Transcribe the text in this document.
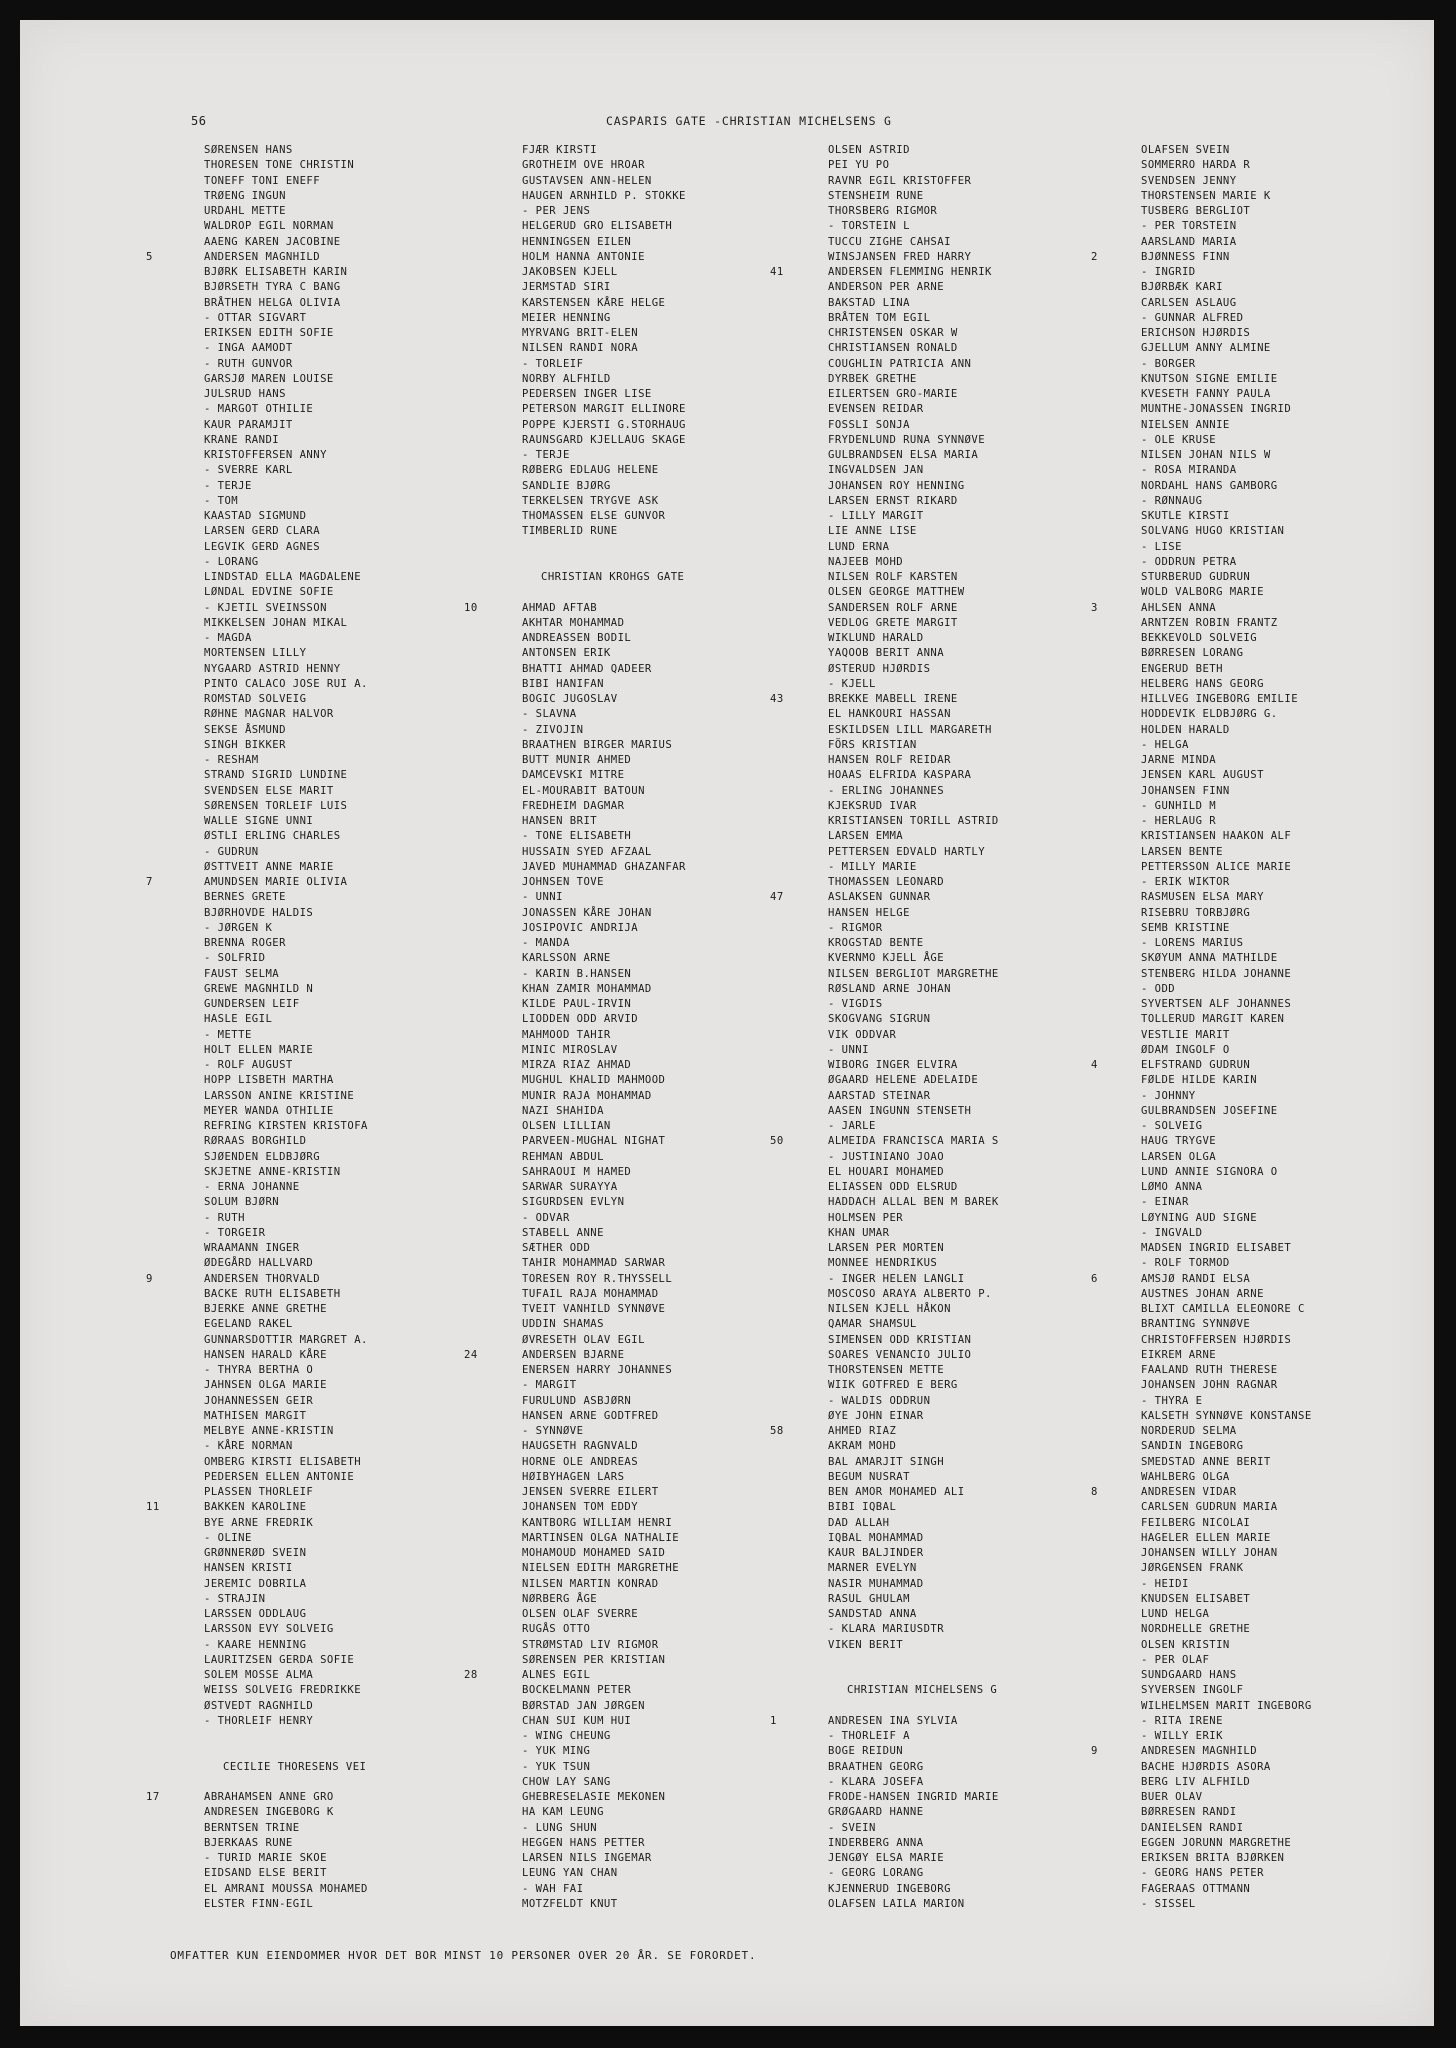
56	CASPARIS GATE -CHRISTIAN MICHELSENS G
SØRENSEN HANS
THORESEN TONE CHRISTIN
TONEFF TONI ENEFF
TRØENG INGUN
URDAHL METTE
WALDROP EGIL NORMAN
AAENG KAREN JACOBINE
5	ANDERSEN MAGNHILD
BJØRK ELISABETH KARIN
BJØRSETH TYRA C BANG
BRÅTHEN HELGA OLIVIA
- OTTAR SIGVART
ERIKSEN EDITH SOFIE
- INGA AAMODT
- RUTH GUNVOR
GARSJØ MAREN LOUISE
JULSRUD HANS
- MARGOT OTHILIE
KAUR PARAMJIT
KRANE RANDI
KRISTOFFERSEN ANNY
- SVERRE KARL
- TERJE
- TOM
KAASTAD SIGMUND
LARSEN GERD CLARA
LEGVIK GERD AGNES
- LORANG
LINDSTAD ELLA MAGDALENE
LØNDAL EDVINE SOFIE
- KJETIL SVEINSSON
MIKKELSEN JOHAN MIKAL
- MAGDA
MORTENSEN LILLY
NYGAARD ASTRID HENNY
PINTO CALACO JOSE RUI A.
ROMSTAD SOLVEIG
RØHNE MAGNAR HALVOR
SEKSE ÅSMUND
SINGH BIKKER
- RESHAM
STRAND SIGRID LUNDINE
SVENDSEN ELSE MARIT
SØRENSEN TORLEIF LUIS
WALLE SIGNE UNNI
ØSTLI ERLING CHARLES
- GUDRUN
ØSTTVEIT ANNE MARIE
7	AMUNDSEN MARIE OLIVIA
BERNES GRETE
BJØRHOVDE HALDIS
- JØRGEN K
BRENNA ROGER
- SOLFRID
FAUST SELMA
GREWE MAGNHILD N
GUNDERSEN LEIF
HASLE EGIL
- METTE
HOLT ELLEN MARIE
- ROLF AUGUST
HOPP LISBETH MARTHA
LARSSON ANINE KRISTINE
MEYER WANDA OTHILIE
REFRING KIRSTEN KRISTOFA
RØRAAS BORGHILD
SJØENDEN ELDBJØRG
SKJETNE ANNE-KRISTIN
- ERNA JOHANNE
SOLUM BJØRN
- RUTH
- TORGEIR
WRAAMANN INGER
ØDEGÅRD HALLVARD
9	ANDERSEN THORVALD
BACKE RUTH ELISABETH
BJERKE ANNE GRETHE
EGELAND RAKEL
GUNNARSDOTTIR MARGRET A.
HANSEN HARALD KÅRE
- THYRA BERTHA O
JAHNSEN OLGA MARIE
JOHANNESSEN GEIR
MATHISEN MARGIT
MELBYE ANNE-KRISTIN
- KÅRE NORMAN
OMBERG KIRSTI ELISABETH
PEDERSEN ELLEN ANTONIE
PLASSEN THORLEIF
11	BAKKEN KAROLINE
BYE ARNE FREDRIK
- OLINE
GRØNNERØD SVEIN
HANSEN KRISTI
JEREMIC DOBRILA
- STRAJIN
LARSSEN ODDLAUG
LARSSON EVY SOLVEIG
- KAARE HENNING
LAURITZSEN GERDA SOFIE
SOLEM MOSSE ALMA
WEISS SOLVEIG FREDRIKKE
ØSTVEDT RAGNHILD
- THORLEIF HENRY
CECILIE THORESENS VEI
17	ABRAHAMSEN ANNE GRO
ANDRESEN INGEBORG K
BERNTSEN TRINE
BJERKAAS RUNE
- TURID MARIE SKOE
EIDSAND ELSE BERIT
EL AMRANI MOUSSA MOHAMED
ELSTER FINN-EGIL
FJÆR KIRSTI
GROTHEIM OVE HROAR
GUSTAVSEN ANN-HELEN
HAUGEN ARNHILD P. STOKKE
- PER JENS
HELGERUD GRO ELISABETH
HENNINGSEN EILEN
HOLM HANNA ANTONIE
JAKOBSEN KJELL
JERMSTAD SIRI
KARSTENSEN KÅRE HELGE
MEIER HENNING
MYRVANG BRIT-ELEN
NILSEN RANDI NORA
- TORLEIF
NORBY ALFHILD
PEDERSEN INGER LISE
PETERSON MARGIT ELLINORE
POPPE KJERSTI G.STORHAUG
RAUNSGARD KJELLAUG SKAGE
- TERJE
RØBERG EDLAUG HELENE
SANDLIE BJØRG
TERKELSEN TRYGVE ASK
THOMASSEN ELSE GUNVOR
TIMBERLID RUNE
CHRISTIAN KROHGS GATE
10	AHMAD AFTAB
AKHTAR MOHAMMAD
ANDREASSEN BODIL
ANTONSEN ERIK
BHATTI AHMAD QADEER
BIBI HANIFAN
BOGIC JUGOSLAV
- SLAVNA
- ZIVOJIN
BRAATHEN BIRGER MARIUS
BUTT MUNIR AHMED
DAMCEVSKI MITRE
EL-MOURABIT BATOUN
FREDHEIM DAGMAR
HANSEN BRIT
- TONE ELISABETH
HUSSAIN SYED AFZAAL
JAVED MUHAMMAD GHAZANFAR
JOHNSEN TOVE
- UNNI
JONASSEN KÅRE JOHAN
JOSIPOVIC ANDRIJA
- MANDA
KARLSSON ARNE
- KARIN B.HANSEN
KHAN ZAMIR MOHAMMAD
KILDE PAUL-IRVIN
LIODDEN ODD ARVID
MAHMOOD TAHIR
MINIC MIROSLAV
MIRZA RIAZ AHMAD
MUGHUL KHALID MAHMOOD
MUNIR RAJA MOHAMMAD
NAZI SHAHIDA
OLSEN LILLIAN
PARVEEN-MUGHAL NIGHAT
REHMAN ABDUL
SAHRAOUI M HAMED
SARWAR SURAYYA
SIGURDSEN EVLYN
- ODVAR
STABELL ANNE
SÆTHER ODD
TAHIR MOHAMMAD SARWAR
TORESEN ROY R.THYSSELL
TUFAIL RAJA MOHAMMAD
TVEIT VANHILD SYNNØVE
UDDIN SHAMAS
ØVRESETH OLAV EGIL
24	ANDERSEN BJARNE
ENERSEN HARRY JOHANNES
- MARGIT
FURULUND ASBJØRN
HANSEN ARNE GODTFRED
- SYNNØVE
HAUGSETH RAGNVALD
HORNE OLE ANDREAS
HØIBYHAGEN LARS
JENSEN SVERRE EILERT
JOHANSEN TOM EDDY
KANTBORG WILLIAM HENRI
MARTINSEN OLGA NATHALIE
MOHAMOUD MOHAMED SAID
NIELSEN EDITH MARGRETHE
NILSEN MARTIN KONRAD
NØRBERG ÅGE
OLSEN OLAF SVERRE
RUGÅS OTTO
STRØMSTAD LIV RIGMOR
SØRENSEN PER KRISTIAN
28	ALNES EGIL
BOCKELMANN PETER
BØRSTAD JAN JØRGEN
CHAN SUI KUM HUI
- WING CHEUNG
- YUK MING
- YUK TSUN
CHOW LAY SANG
GHEBRESELASIE MEKONEN
HA KAM LEUNG
- LUNG SHUN
HEGGEN HANS PETTER
LARSEN NILS INGEMAR
LEUNG YAN CHAN
- WAH FAI
MOTZFELDT KNUT
OLSEN ASTRID
PEI YU PO
RAVNR EGIL KRISTOFFER
STENSHEIM RUNE
THORSBERG RIGMOR
- TORSTEIN L
TUCCU ZIGHE CAHSAI
WINSJANSEN FRED HARRY
41	ANDERSEN FLEMMING HENRIK
ANDERSON PER ARNE
BAKSTAD LINA
BRÅTEN TOM EGIL
CHRISTENSEN OSKAR W
CHRISTIANSEN RONALD
COUGHLIN PATRICIA ANN
DYRBEK GRETHE
EILERTSEN GRO-MARIE
EVENSEN REIDAR
FOSSLI SONJA
FRYDENLUND RUNA SYNNØVE
GULBRANDSEN ELSA MARIA
INGVALDSEN JAN
JOHANSEN ROY HENNING
LARSEN ERNST RIKARD
- LILLY MARGIT
LIE ANNE LISE
LUND ERNA
NAJEEB MOHD
NILSEN ROLF KARSTEN
OLSEN GEORGE MATTHEW
SANDERSEN ROLF ARNE
VEDLOG GRETE MARGIT
WIKLUND HARALD
YAQOOB BERIT ANNA
ØSTERUD HJØRDIS
- KJELL
43	BREKKE MABELL IRENE
EL HANKOURI HASSAN
ESKILDSEN LILL MARGARETH
FÖRS KRISTIAN
HANSEN ROLF REIDAR
HOAAS ELFRIDA KASPARA
- ERLING JOHANNES
KJEKSRUD IVAR
KRISTIANSEN TORILL ASTRID
LARSEN EMMA
PETTERSEN EDVALD HARTLY
- MILLY MARIE
THOMASSEN LEONARD
47	ASLAKSEN GUNNAR
HANSEN HELGE
- RIGMOR
KROGSTAD BENTE
KVERNMO KJELL ÅGE
NILSEN BERGLIOT MARGRETHE
RØSLAND ARNE JOHAN
- VIGDIS
SKOGVANG SIGRUN
VIK ODDVAR
- UNNI
WIBORG INGER ELVIRA
ØGAARD HELENE ADELAIDE
AARSTAD STEINAR
AASEN INGUNN STENSETH
- JARLE
50	ALMEIDA FRANCISCA MARIA S
- JUSTINIANO JOAO
EL HOUARI MOHAMED
ELIASSEN ODD ELSRUD
HADDACH ALLAL BEN M BAREK
HOLMSEN PER
KHAN UMAR
LARSEN PER MORTEN
MONNEE HENDRIKUS
- INGER HELEN LANGLI
MOSCOSO ARAYA ALBERTO P.
NILSEN KJELL HÅKON
QAMAR SHAMSUL
SIMENSEN ODD KRISTIAN
SOARES VENANCIO JULIO
THORSTENSEN METTE
WIIK GOTFRED E BERG
- WALDIS ODDRUN
ØYE JOHN EINAR
58	AHMED RIAZ
AKRAM MOHD
BAL AMARJIT SINGH
BEGUM NUSRAT
BEN AMOR MOHAMED ALI
BIBI IQBAL
DAD ALLAH
IQBAL MOHAMMAD
KAUR BALJINDER
MARNER EVELYN
NASIR MUHAMMAD
RASUL GHULAM
SANDSTAD ANNA
- KLARA MARIUSDTR
VIKEN BERIT
CHRISTIAN MICHELSENS G
1	ANDRESEN INA SYLVIA
- THORLEIF A
BOGE REIDUN
BRAATHEN GEORG
- KLARA JOSEFA
FRODE-HANSEN INGRID MARIE
GRØGAARD HANNE
- SVEIN
INDERBERG ANNA
JENGØY ELSA MARIE
- GEORG LORANG
KJENNERUD INGEBORG
OLAFSEN LAILA MARION
OLAFSEN SVEIN
SOMMERRO HARDA R
SVENDSEN JENNY
THORSTENSEN MARIE K
TUSBERG BERGLIOT
- PER TORSTEIN
AARSLAND MARIA
2	BJØNNESS FINN
- INGRID
BJØRBÆK KARI
CARLSEN ASLAUG
- GUNNAR ALFRED
ERICHSON HJØRDIS
GJELLUM ANNY ALMINE
- BORGER
KNUTSON SIGNE EMILIE
KVESETH FANNY PAULA
MUNTHE-JONASSEN INGRID
NIELSEN ANNIE
- OLE KRUSE
NILSEN JOHAN NILS W
- ROSA MIRANDA
NORDAHL HANS GAMBORG
- RØNNAUG
SKUTLE KIRSTI
SOLVANG HUGO KRISTIAN
- LISE
- ODDRUN PETRA
STURBERUD GUDRUN
WOLD VALBORG MARIE
3	AHLSEN ANNA
ARNTZEN ROBIN FRANTZ
BEKKEVOLD SOLVEIG
BØRRESEN LORANG
ENGERUD BETH
HELBERG HANS GEORG
HILLVEG INGEBORG EMILIE
HODDEVIK ELDBJØRG G.
HOLDEN HARALD
- HELGA
JARNE MINDA
JENSEN KARL AUGUST
JOHANSEN FINN
- GUNHILD M
- HERLAUG R
KRISTIANSEN HAAKON ALF
LARSEN BENTE
PETTERSSON ALICE MARIE
- ERIK WIKTOR
RASMUSEN ELSA MARY
RISEBRU TORBJØRG
SEMB KRISTINE
- LORENS MARIUS
SKØYUM ANNA MATHILDE
STENBERG HILDA JOHANNE
- ODD
SYVERTSEN ALF JOHANNES
TOLLERUD MARGIT KAREN
VESTLIE MARIT
ØDAM INGOLF O
4	ELFSTRAND GUDRUN
FØLDE HILDE KARIN
- JOHNNY
GULBRANDSEN JOSEFINE
- SOLVEIG
HAUG TRYGVE
LARSEN OLGA
LUND ANNIE SIGNORA O
LØMO ANNA
- EINAR
LØYNING AUD SIGNE
- INGVALD
MADSEN INGRID ELISABET
- ROLF TORMOD
6	AMSJØ RANDI ELSA
AUSTNES JOHAN ARNE
BLIXT CAMILLA ELEONORE C
BRANTING SYNNØVE
CHRISTOFFERSEN HJØRDIS
EIKREM ARNE
FAALAND RUTH THERESE
JOHANSEN JOHN RAGNAR
- THYRA E
KALSETH SYNNØVE KONSTANSE
NORDERUD SELMA
SANDIN INGEBORG
SMEDSTAD ANNE BERIT
WAHLBERG OLGA
8	ANDRESEN VIDAR
CARLSEN GUDRUN MARIA
FEILBERG NICOLAI
HAGELER ELLEN MARIE
JOHANSEN WILLY JOHAN
JØRGENSEN FRANK
- HEIDI
KNUDSEN ELISABET
LUND HELGA
NORDHELLE GRETHE
OLSEN KRISTIN
- PER OLAF
SUNDGAARD HANS
SYVERSEN INGOLF
WILHELMSEN MARIT INGEBORG
- RITA IRENE
- WILLY ERIK
9	ANDRESEN MAGNHILD
BACHE HJØRDIS ASORA
BERG LIV ALFHILD
BUER OLAV
BØRRESEN RANDI
DANIELSEN RANDI
EGGEN JORUNN MARGRETHE
ERIKSEN BRITA BJØRKEN
- GEORG HANS PETER
FAGERAAS OTTMANN
- SISSEL
OMFATTER KUN EIENDOMMER HVOR DET BOR MINST 10 PERSONER OVER 20 ÅR. SE FORORDET.
